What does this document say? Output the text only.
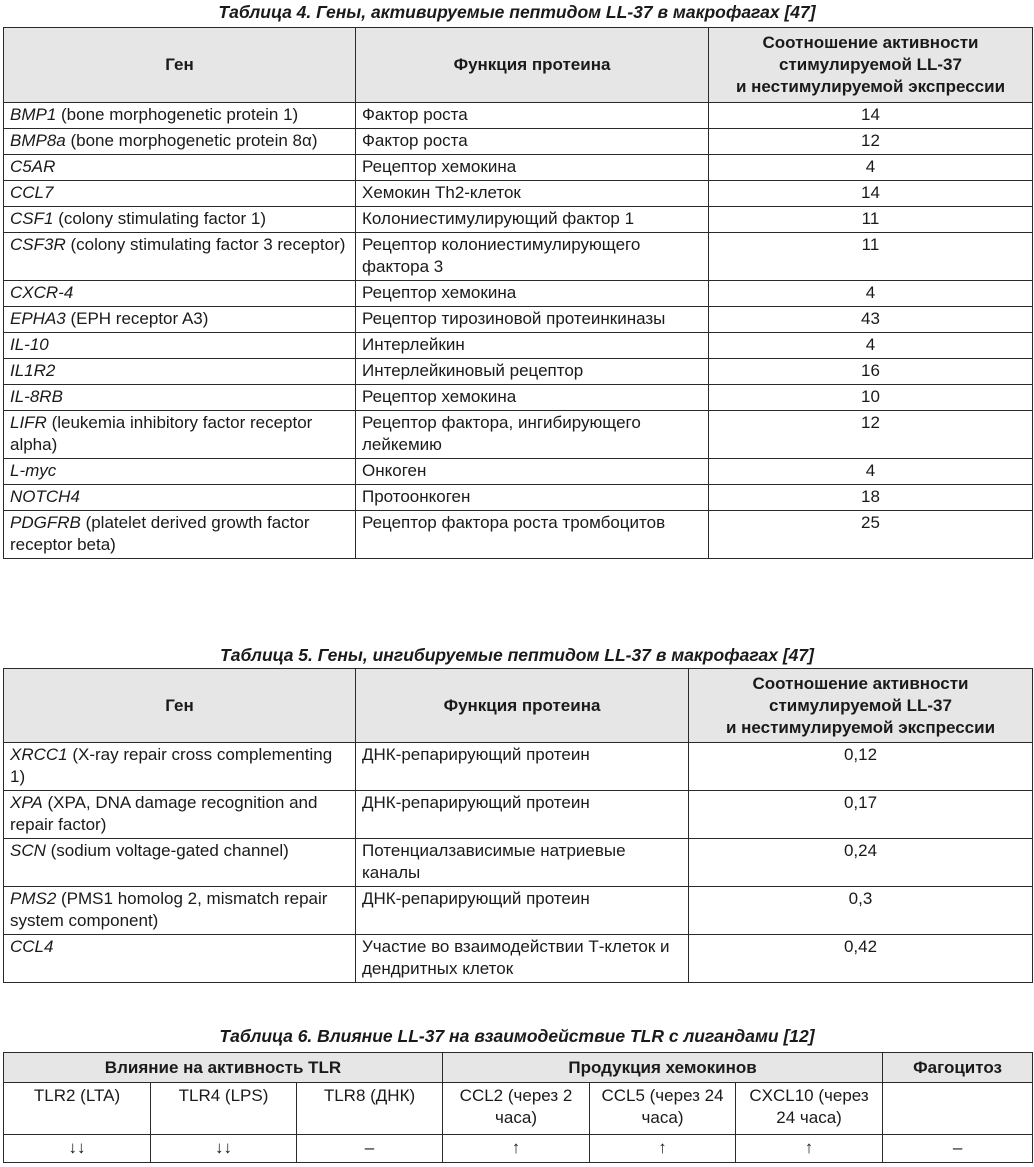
Таблица 4. Гены, активируемые пептидом LL-37 в макрофагах [47]
Ген	Функция протеина	Соотношение активности
стимулируемой LL-37
и нестимулируемой экспрессии

BMP1 (bone morphogenetic protein 1)	Фактор роста	14
BMP8a (bone morphogenetic protein 8α)	Фактор роста	12
C5AR	Рецептор хемокина	4
CCL7	Хемокин Th2-клеток	14
CSF1 (colony stimulating factor 1)	Колониестимулирующий фактор 1	11
CSF3R (colony stimulating factor 3 receptor)	Рецептор колониестимулирующего фактора 3	11
CXCR-4	Рецептор хемокина	4
EPHA3 (EPH receptor A3)	Рецептор тирозиновой протеинкиназы	43
IL-10	Интерлейкин	4
IL1R2	Интерлейкиновый рецептор	16
IL-8RB	Рецептор хемокина	10
LIFR (leukemia inhibitory factor receptor alpha)	Рецептор фактора, ингибирующего лейкемию	12
L-myc	Онкоген	4
NOTCH4	Протоонкоген	18
PDGFRB (platelet derived growth factor receptor beta)	Рецептор фактора роста тромбоцитов	25
Таблица 5. Гены, ингибируемые пептидом LL-37 в макрофагах [47]
Ген	Функция протеина	Соотношение активности
стимулируемой LL-37
и нестимулируемой экспрессии

XRCC1 (X-ray repair cross complementing 1)	ДНК-репарирующий протеин	0,12
XPA (XPA, DNA damage recognition and repair factor)	ДНК-репарирующий протеин	0,17
SCN (sodium voltage-gated channel)	Потенциалзависимые натриевые каналы	0,24
PMS2 (PMS1 homolog 2, mismatch repair system component)	ДНК-репарирующий протеин	0,3
CCL4	Участие во взаимодействии Т-клеток и дендритных клеток	0,42
Таблица 6. Влияние LL-37 на взаимодействие TLR с лигандами [12]
Влияние на активность TLR			Продукция хемокинов			Фагоцитоз
TLR2 (LTA)	TLR4 (LPS)	TLR8 (ДНК)	CCL2 (через 2 часа)	CCL5 (через 24 часа)	CXCL10 (через 24 часа)	
↓↓	↓↓	–	↑	↑	↑	–
